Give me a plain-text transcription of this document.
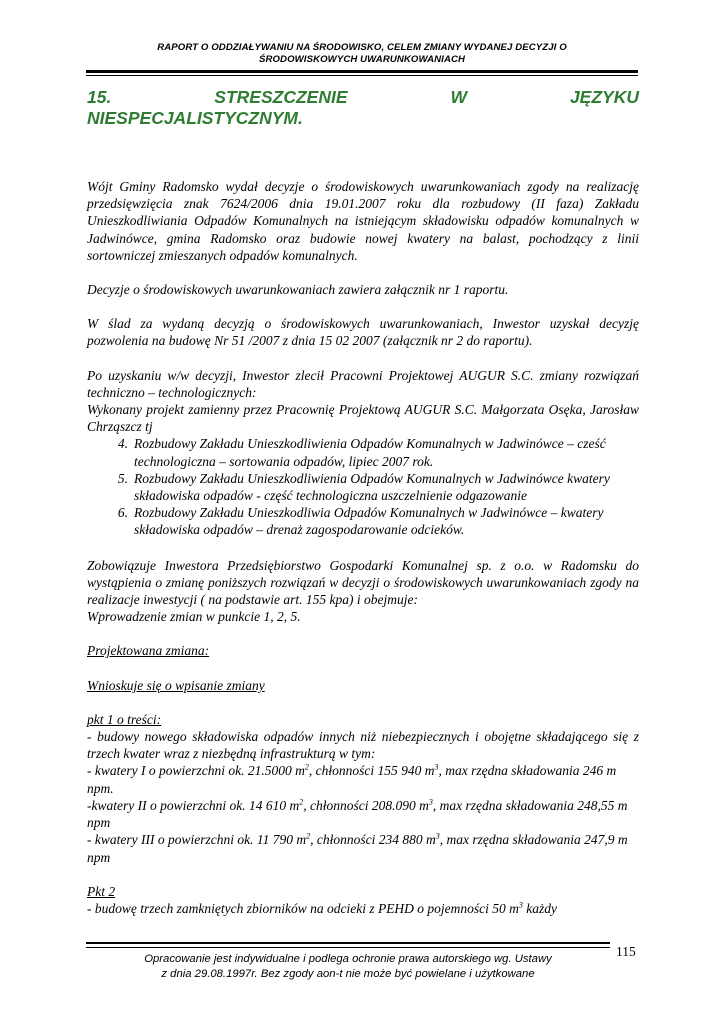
RAPORT O ODDZIAŁYWANIU NA ŚRODOWISKO, CELEM ZMIANY WYDANEJ DECYZJI O
ŚRODOWISKOWYCH UWARUNKOWANIACH
15.	STRESZCZENIE	W	JĘZYKU
NIESPECJALISTYCZNYM.

Wójt Gminy Radomsko wydał decyzje o środowiskowych uwarunkowaniach zgody na realizację przedsięwzięcia znak 7624/2006 dnia 19.01.2007 roku dla rozbudowy (II faza) Zakładu Unieszkodliwiania Odpadów Komunalnych na istniejącym składowisku odpadów komunalnych w Jadwinówce, gmina Radomsko oraz budowie nowej kwatery na balast, pochodzący z linii sortowniczej zmieszanych odpadów komunalnych.

Decyzje o środowiskowych uwarunkowaniach zawiera załącznik nr 1 raportu.

W ślad za wydaną decyzją o środowiskowych uwarunkowaniach, Inwestor uzyskał decyzję pozwolenia na budowę Nr 51 /2007 z dnia 15 02 2007 (załącznik nr 2 do raportu).

Po uzyskaniu w/w decyzji, Inwestor zlecił Pracowni Projektowej AUGUR S.C. zmiany rozwiązań techniczno – technologicznych:

Wykonany projekt zamienny przez Pracownię Projektową AUGUR S.C. Małgorzata Osęka, Jarosław Chrząszcz tj

4. Rozbudowy Zakładu Unieszkodliwienia Odpadów Komunalnych w Jadwinówce – cześć technologiczna – sortowania odpadów, lipiec 2007 rok.
5. Rozbudowy Zakładu Unieszkodliwienia Odpadów Komunalnych w Jadwinówce kwatery składowiska odpadów - część technologiczna uszczelnienie odgazowanie
6. Rozbudowy Zakładu Unieszkodliwia Odpadów Komunalnych w Jadwinówce – kwatery składowiska odpadów – drenaż zagospodarowanie odcieków.

Zobowiązuje Inwestora Przedsiębiorstwo Gospodarki Komunalnej sp. z o.o. w Radomsku do wystąpienia o zmianę poniższych rozwiązań w decyzji o środowiskowych uwarunkowaniach zgody na realizacje inwestycji ( na podstawie art. 155 kpa) i obejmuje:

Wprowadzenie zmian w punkcie 1, 2, 5.

Projektowana zmiana:

Wnioskuje się o wpisanie zmiany

pkt 1 o treści:

- budowy nowego składowiska odpadów innych niż niebezpiecznych i obojętne składającego się z trzech kwater wraz z niezbędną infrastrukturą w tym:

- kwatery I o powierzchni ok. 21.5000 $m^2$, chłonności 155 940 $m^3$, max rzędna składowania 246 m npm.

-kwatery II o powierzchni ok. 14 610 $m^2$, chłonności 208.090 $m^3$, max rzędna składowania 248,55 m npm

- kwatery III o powierzchni ok. 11 790 $m^2$, chłonności 234 880 $m^3$, max rzędna składowania 247,9 m npm

Pkt 2

- budowę trzech zamkniętych zbiorników na odcieki z PEHD o pojemności 50 $m^3$ każdy

115
Opracowanie jest indywidualne i podlega ochronie prawa autorskiego wg. Ustawy
z dnia 29.08.1997r. Bez zgody aon-t nie może być powielane i użytkowane
